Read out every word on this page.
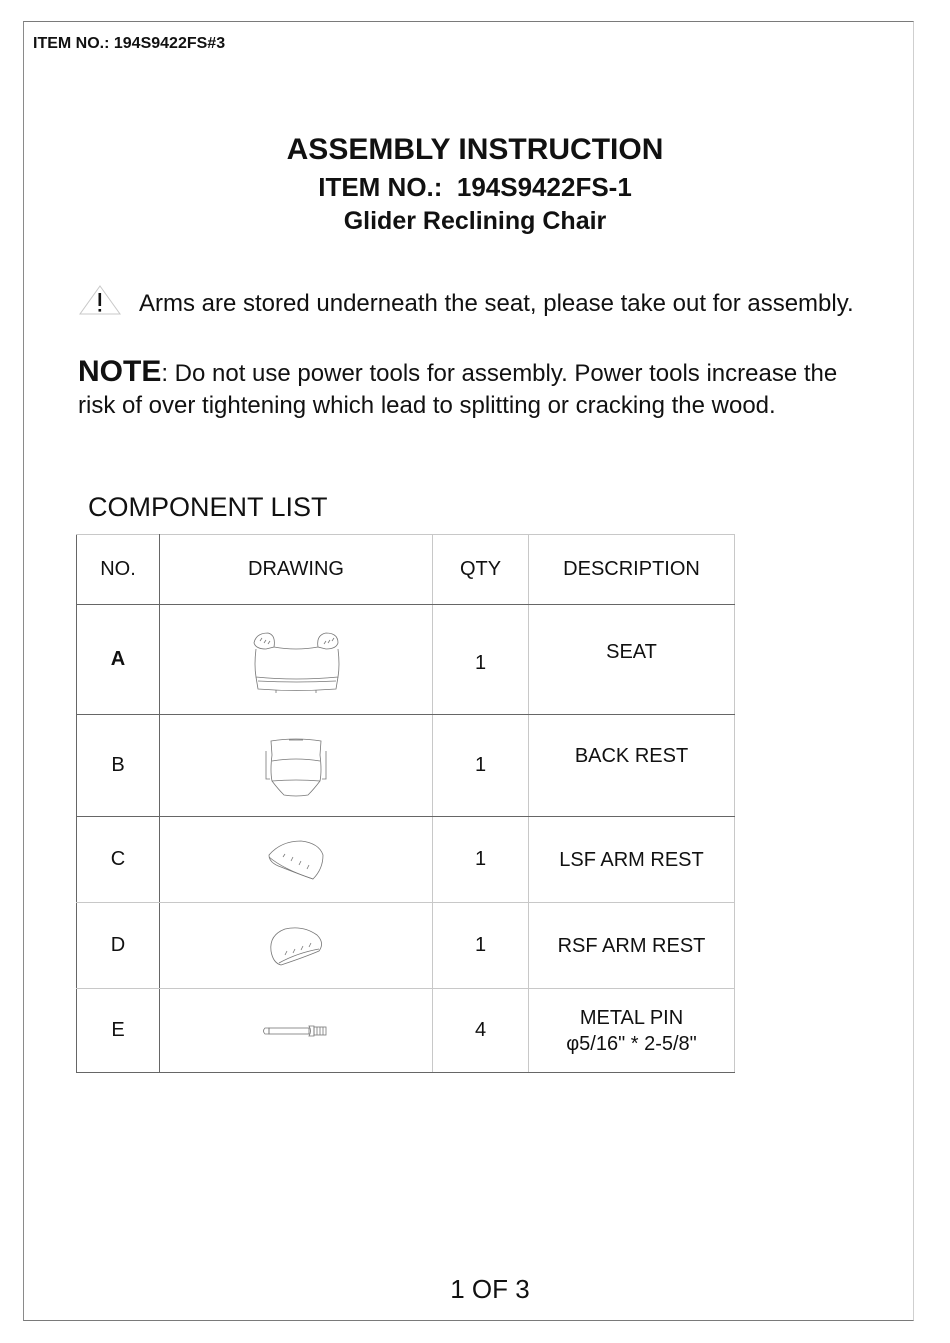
ITEM NO.: 194S9422FS#3
ASSEMBLY INSTRUCTION
ITEM NO.:  194S9422FS-1
Glider Reclining Chair
Arms are stored underneath the seat, please take out for assembly.
NOTE: Do not use power tools for assembly. Power tools increase the risk of over tightening which lead to splitting or cracking the wood.
COMPONENT LIST
NO.	DRAWING	QTY	DESCRIPTION
A		1	SEAT

B		1	BACK REST

C		1	LSF ARM REST

D		1	RSF ARM REST

E		4	METAL PIN
φ5/16" * 2-5/8"
1 OF 3
